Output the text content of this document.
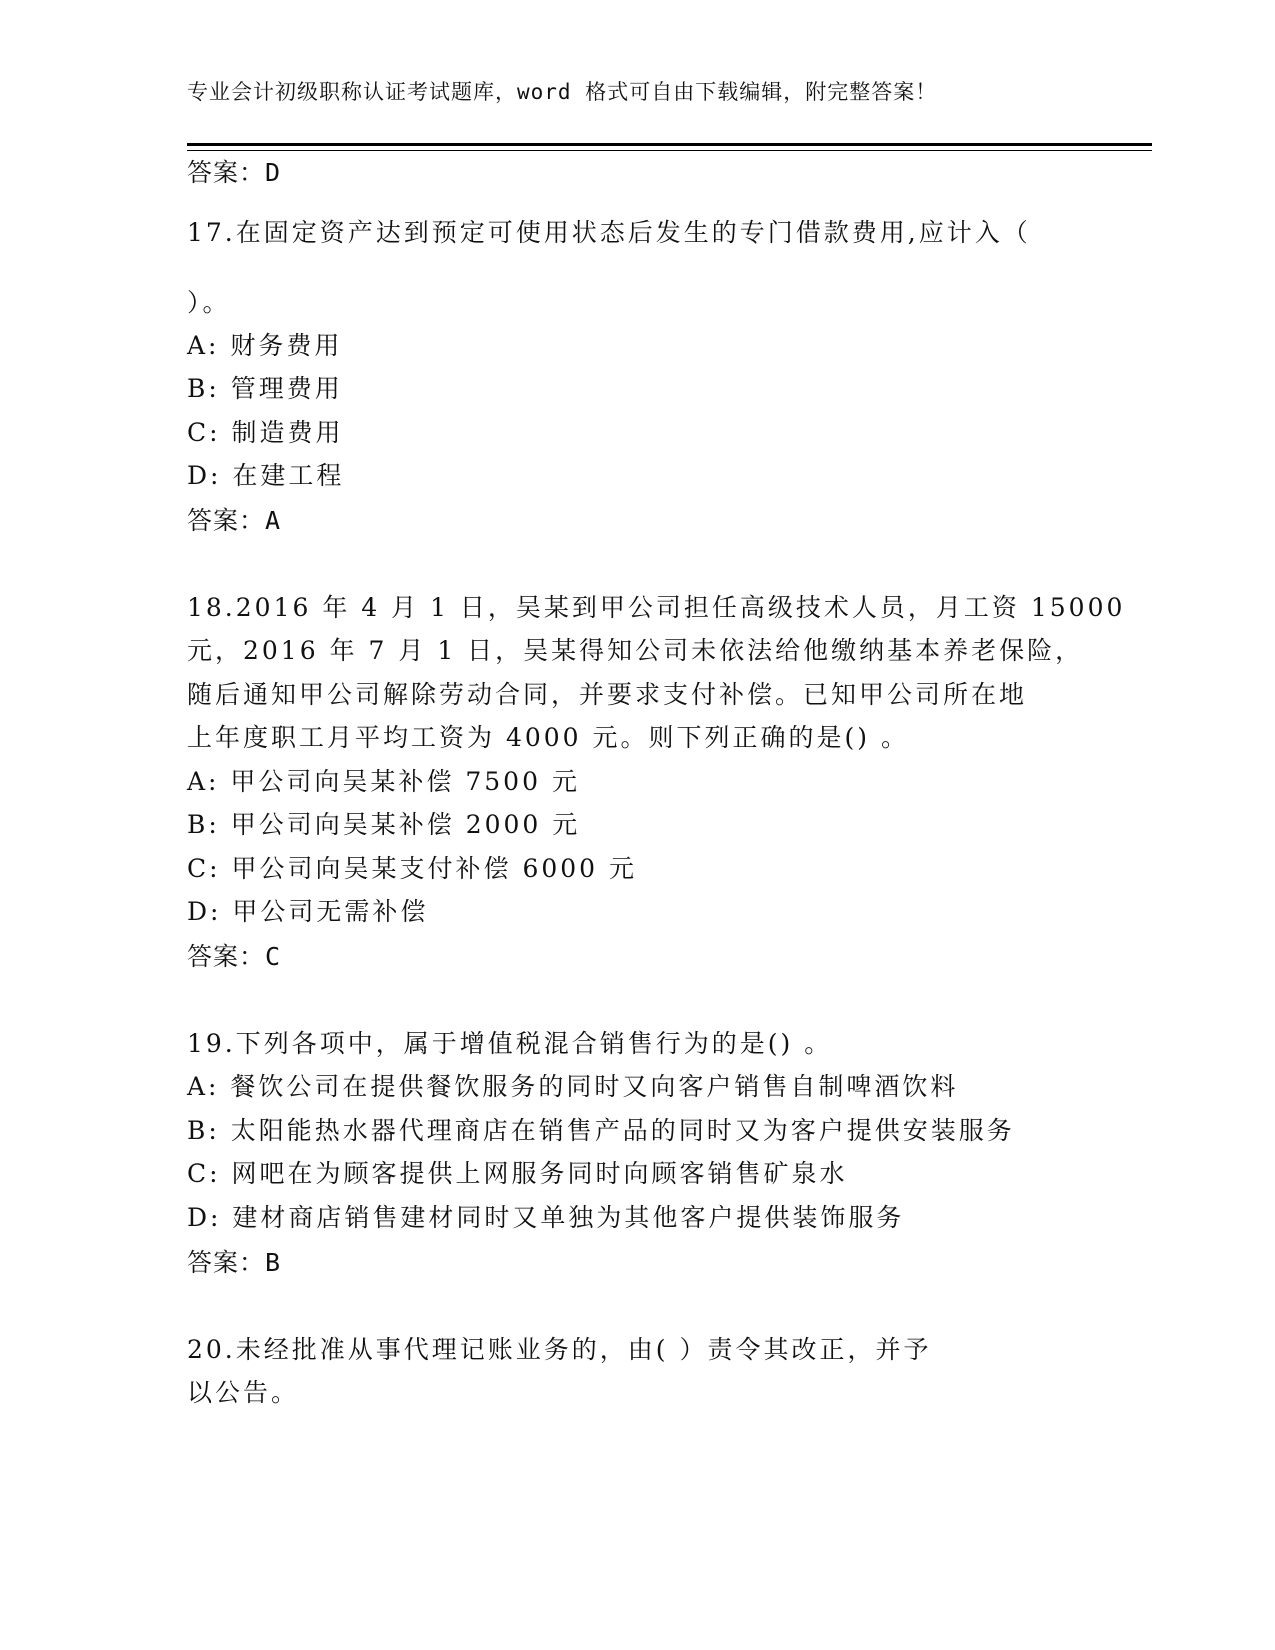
专业会计初级职称认证考试题库，word 格式可自由下载编辑，附完整答案！
答案：D
17.在固定资产达到预定可使用状态后发生的专门借款费用,应计入（
）。
A: 财务费用
B: 管理费用
C: 制造费用
D: 在建工程
答案：A
18.2016 年 4 月 1 日，吴某到甲公司担任高级技术人员，月工资 15000
元，2016 年 7 月 1 日，吴某得知公司未依法给他缴纳基本养老保险，
随后通知甲公司解除劳动合同，并要求支付补偿。已知甲公司所在地
上年度职工月平均工资为 4000 元。则下列正确的是() 。
A: 甲公司向吴某补偿 7500 元
B: 甲公司向吴某补偿 2000 元
C: 甲公司向吴某支付补偿 6000 元
D: 甲公司无需补偿
答案：C
19.下列各项中，属于增值税混合销售行为的是() 。
A: 餐饮公司在提供餐饮服务的同时又向客户销售自制啤酒饮料
B: 太阳能热水器代理商店在销售产品的同时又为客户提供安装服务
C: 网吧在为顾客提供上网服务同时向顾客销售矿泉水
D: 建材商店销售建材同时又单独为其他客户提供装饰服务
答案：B
20.未经批准从事代理记账业务的，由( ）责令其改正，并予
以公告。
